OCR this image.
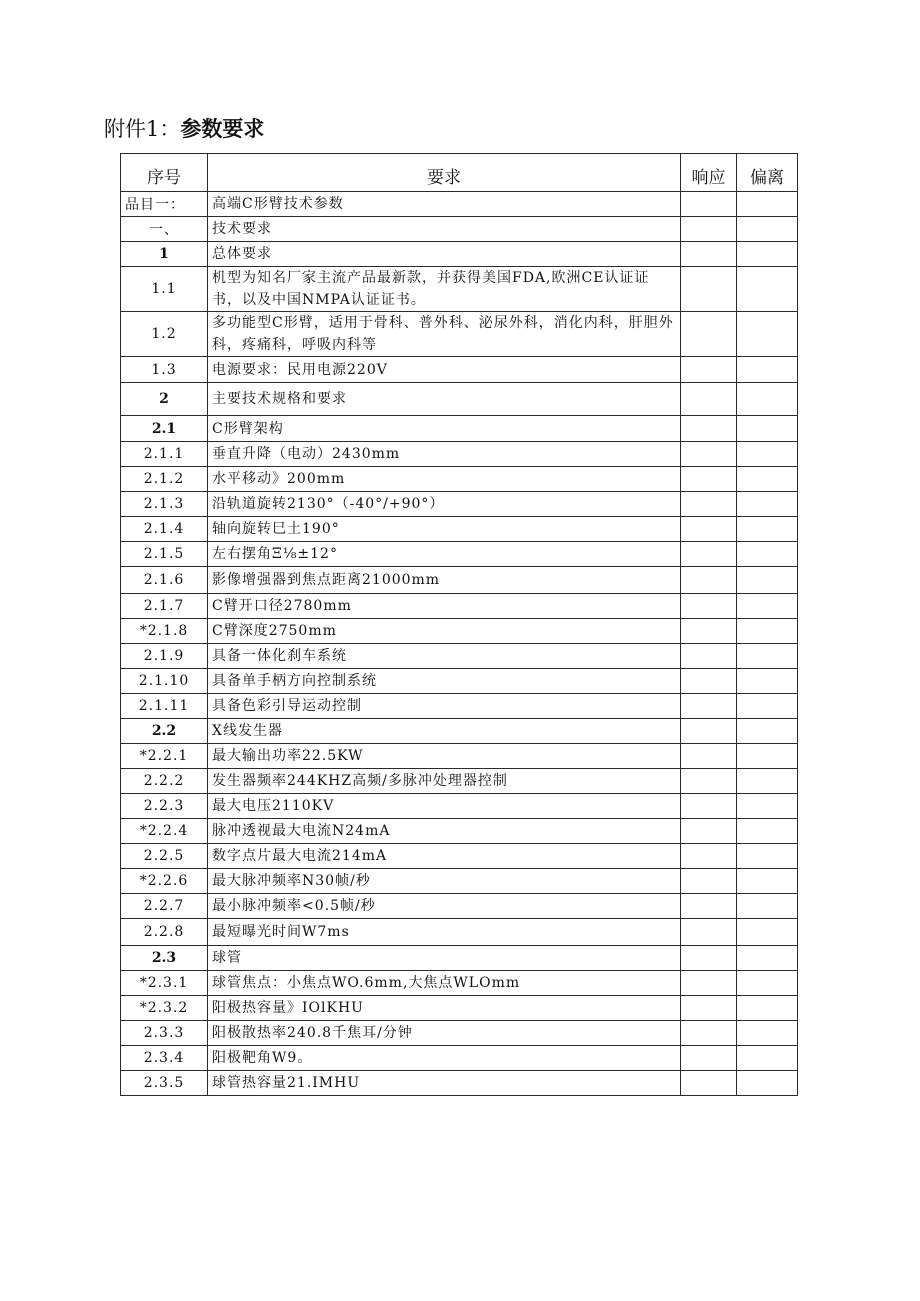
附件1：参数要求
序号	要求	响应	偏离
品目一：	高端C形臂技术参数		
一、	技术要求		
1	总体要求		
1.1	机型为知名厂家主流产品最新款，并获得美国FDA,欧洲CE认证证书，以及中国NMPA认证证书。		
1.2	多功能型C形臂，适用于骨科、普外科、泌尿外科，消化内科，肝胆外科，疼痛科，呼吸内科等		
1.3	电源要求：民用电源220V		
2	主要技术规格和要求		
2.1	C形臂架构		
2.1.1	垂直升降（电动）2430mm		
2.1.2	水平移动》200mm		
2.1.3	沿轨道旋转2130°（-40°/+90°）		
2.1.4	轴向旋转巳土190°		
2.1.5	左右摆角Ξ⅛±12°		
2.1.6	影像增强器到焦点距离21000mm		
2.1.7	C臂开口径2780mm		
*2.1.8	C臂深度2750mm		
2.1.9	具备一体化刹车系统		
2.1.10	具备单手柄方向控制系统		
2.1.11	具备色彩引导运动控制		
2.2	X线发生器		
*2.2.1	最大输出功率22.5KW		
2.2.2	发生器频率244KHZ高频/多脉冲处理器控制		
2.2.3	最大电压2110KV		
*2.2.4	脉冲透视最大电流N24mA		
2.2.5	数字点片最大电流214mA		
*2.2.6	最大脉冲频率N30帧/秒		
2.2.7	最小脉冲频率<0.5帧/秒		
2.2.8	最短曝光时间W7ms		
2.3	球管		
*2.3.1	球管焦点：小焦点WO.6mm,大焦点WLOmm		
*2.3.2	阳极热容量》IOlKHU		
2.3.3	阳极散热率240.8千焦耳/分钟		
2.3.4	阳极靶角W9。		
2.3.5	球管热容量21.IMHU		
